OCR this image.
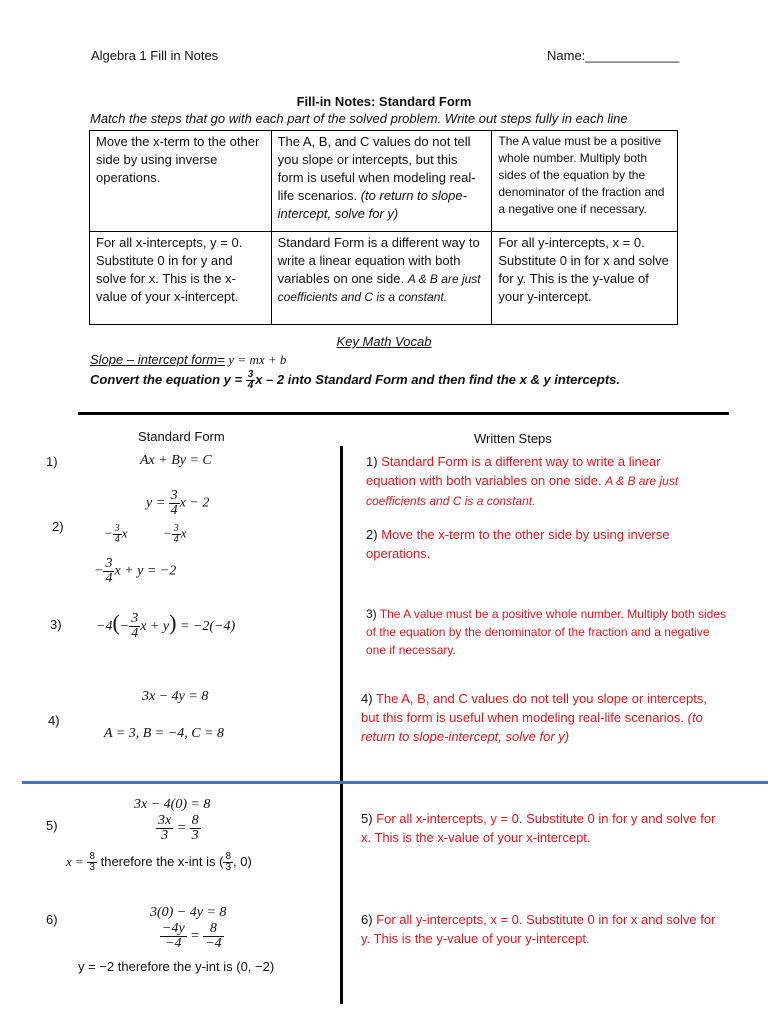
Algebra 1 Fill in Notes	Name:_____________
Fill-in Notes: Standard Form
Match the steps that go with each part of the solved problem. Write out steps fully in each line
Move the x-term to the other side by using inverse operations.	The A, B, and C values do not tell you slope or intercepts, but this form is useful when modeling real-life scenarios. (to return to slope-intercept, solve for y)	The A value must be a positive whole number. Multiply both sides of the equation by the denominator of the fraction and a negative one if necessary.
For all x-intercepts, y = 0. Substitute 0 in for y and solve for x. This is the x-value of your x-intercept.	Standard Form is a different way to write a linear equation with both variables on one side. A & B are just coefficients and C is a constant.	For all y-intercepts, x = 0. Substitute 0 in for x and solve for y. This is the y-value of your y-intercept.
Key Math Vocab
Slope – intercept form= y = mx + b
Convert the equation $y = \frac{3}{4}$ x – 2 into Standard Form and then find the x & y intercepts.
Standard Form	Written Steps
1)	Ax + By = C	1) Standard Form is a different way to write a linear equation with both variables on one side. A & B are just coefficients and C is a constant.
2)
$y = \frac{3}{4}$ x − 2
− $\frac{3}{4}$ x	− $\frac{3}{4}$ x
− $\frac{3}{4}$ x + y = −2
2) Move the x-term to the other side by using inverse operations.
$3) -4(- \frac{3}{4}$ x + y) = −2(−4)
3) The A value must be a positive whole number. Multiply both sides of the equation by the denominator of the fraction and a negative one if necessary.
4)
3x − 4y = 8
A = 3, B = −4, C = 8
4) The A, B, and C values do not tell you slope or intercepts, but this form is useful when modeling real-life scenarios. (to return to slope-intercept, solve for y)
5)
3x − 4(0) = 8
$\frac{3x}{3} = \frac{8}{3}$
$x = \frac{8}{3}$ therefore the x-int is ( $\frac{8}{3}$ , 0)
5) For all x-intercepts, y = 0. Substitute 0 in for y and solve for x. This is the x-value of your x-intercept.
6)	3(0) − 4y = 8
$\frac{-4y}{-4} = \frac{8}{-4}$
y = −2 therefore the y-int is (0, −2)
6) For all y-intercepts, x = 0. Substitute 0 in for x and solve for y. This is the y-value of your y-intercept.
